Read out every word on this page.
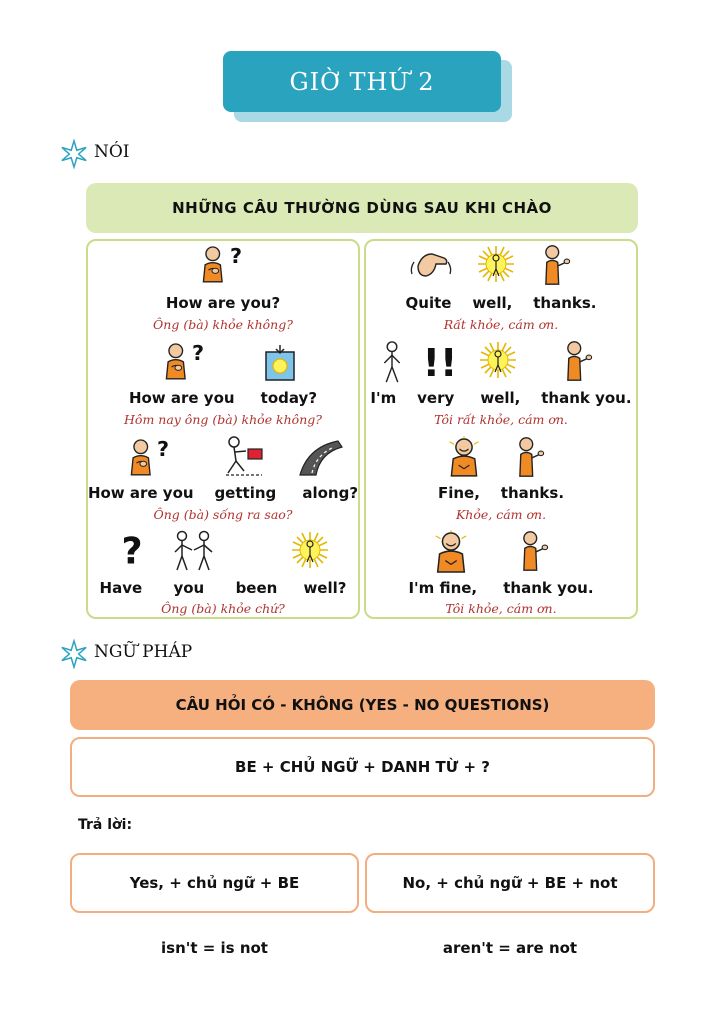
GIỜ THỨ 2
NÓI
NHỮNG CÂU THƯỜNG DÙNG SAU KHI CHÀO
How are you?
Ông (bà) khỏe không?
How are you     today?
Hôm nay ông (bà) khỏe không?
How are you    getting     along?
Ông (bà) sống ra sao?
Have      you      been     well?
Ông (bà) khỏe chứ?
!!
Quite    well,    thanks.
Rất khỏe, cám ơn.
I'm    very     well,    thank you.
Tôi rất khỏe, cám ơn.
Fine,    thanks.
Khỏe, cám ơn.
I'm fine,     thank you.
Tôi khỏe, cám ơn.
NGỮ PHÁP
CÂU HỎI CÓ - KHÔNG (YES - NO QUESTIONS)
BE + CHỦ NGỮ + DANH TỪ + ?
Trả lời:
Yes, + chủ ngữ + BE	No, + chủ ngữ + BE + not
isn't = is not	aren't = are not
